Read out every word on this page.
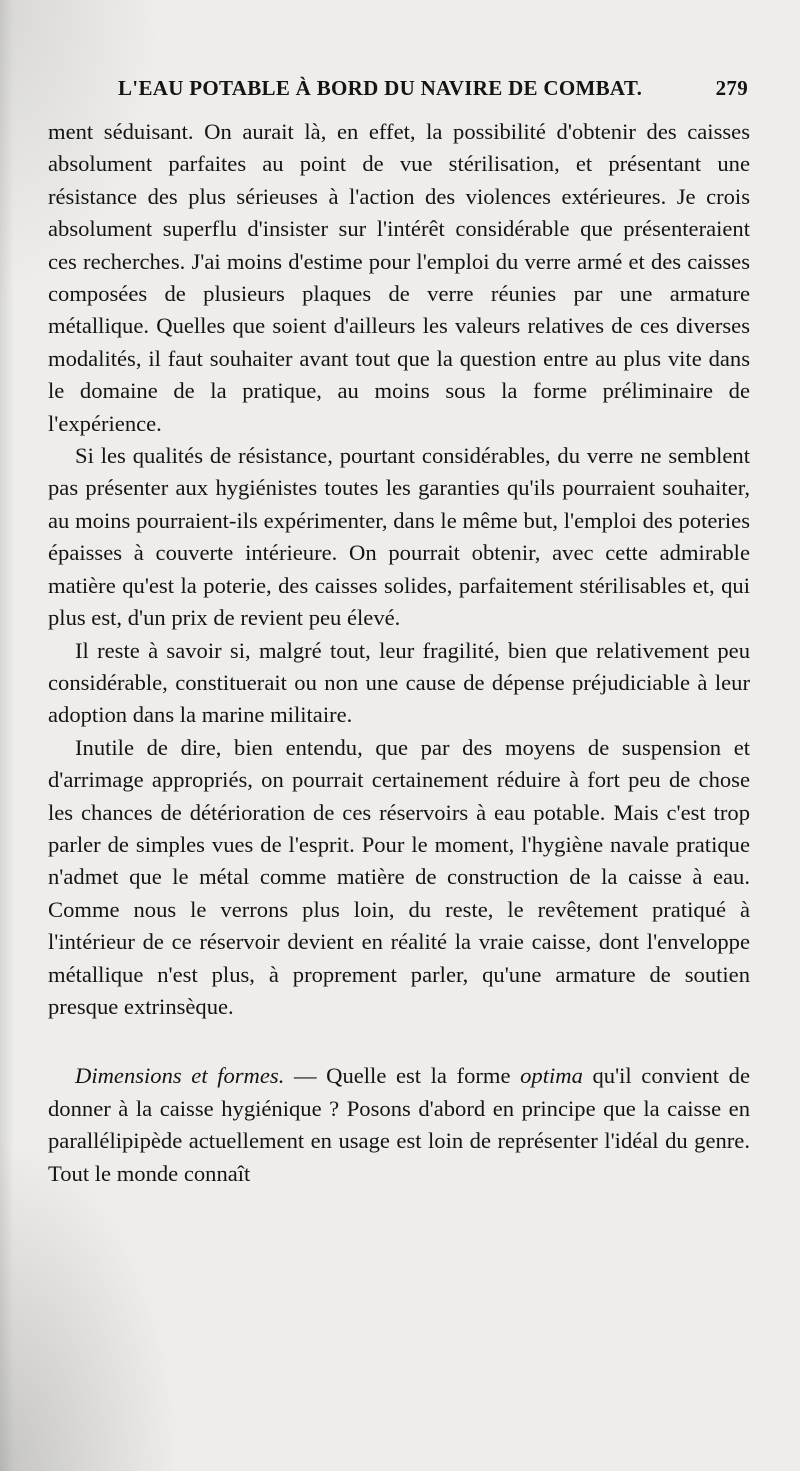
L'EAU POTABLE À BORD DU NAVIRE DE COMBAT.	279

ment séduisant. On aurait là, en effet, la possibilité d'obtenir des caisses absolument parfaites au point de vue stérilisation, et présentant une résistance des plus sérieuses à l'action des violences extérieures. Je crois absolument superflu d'insister sur l'intérêt considérable que présenteraient ces recherches. J'ai moins d'estime pour l'emploi du verre armé et des caisses composées de plusieurs plaques de verre réunies par une armature métallique. Quelles que soient d'ailleurs les valeurs relatives de ces diverses modalités, il faut souhaiter avant tout que la question entre au plus vite dans le domaine de la pratique, au moins sous la forme préliminaire de l'expérience.

Si les qualités de résistance, pourtant considérables, du verre ne semblent pas présenter aux hygiénistes toutes les garanties qu'ils pourraient souhaiter, au moins pourraient-ils expérimenter, dans le même but, l'emploi des poteries épaisses à couverte intérieure. On pourrait obtenir, avec cette admirable matière qu'est la poterie, des caisses solides, parfaitement stérilisables et, qui plus est, d'un prix de revient peu élevé.

Il reste à savoir si, malgré tout, leur fragilité, bien que relativement peu considérable, constituerait ou non une cause de dépense préjudiciable à leur adoption dans la marine militaire.

Inutile de dire, bien entendu, que par des moyens de suspension et d'arrimage appropriés, on pourrait certainement réduire à fort peu de chose les chances de détérioration de ces réservoirs à eau potable. Mais c'est trop parler de simples vues de l'esprit. Pour le moment, l'hygiène navale pratique n'admet que le métal comme matière de construction de la caisse à eau. Comme nous le verrons plus loin, du reste, le revêtement pratiqué à l'intérieur de ce réservoir devient en réalité la vraie caisse, dont l'enveloppe métallique n'est plus, à proprement parler, qu'une armature de soutien presque extrinsèque.

Dimensions et formes. — Quelle est la forme optima qu'il convient de donner à la caisse hygiénique ? Posons d'abord en principe que la caisse en parallélipipède actuellement en usage est loin de représenter l'idéal du genre. Tout le monde connaît
